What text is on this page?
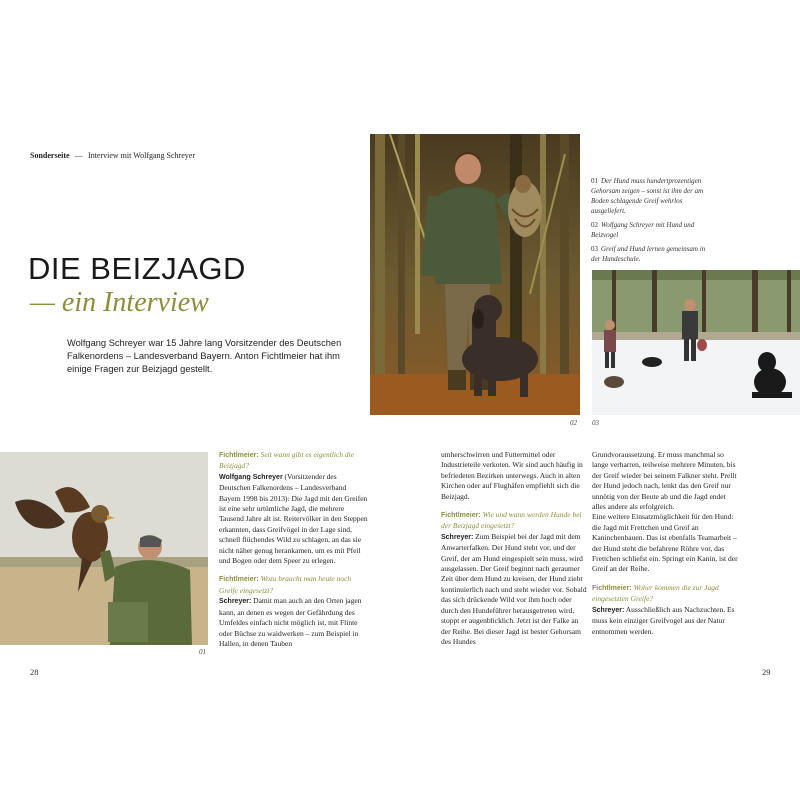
Sonderseite — Interview mit Wolfgang Schreyer
DIE BEIZJAGD
— ein Interview
Wolfgang Schreyer war 15 Jahre lang Vorsitzender des Deutschen Falkenordens – Landesverband Bayern. Anton Fichtlmeier hat ihm einige Fragen zur Beizjagd gestellt.
02
01 Der Hund muss hundertprozentigen Gehorsam zeigen – sonst ist ihm der am Boden schlagende Greif wehrlos ausgeliefert.
02 Wolfgang Schreyer mit Hund und Beizvogel
03 Greif und Hund lernen gemeinsam in der Hundeschule.
03
01
Fichtlmeier: Seit wann gibt es eigentlich die Beizjagd?
Wolfgang Schreyer (Vorsitzender des Deutschen Falkenordens – Landesverband Bayern 1998 bis 2013): Die Jagd mit den Greifen ist eine sehr urtümliche Jagd, die mehrere Tausend Jahre alt ist. Reitervölker in den Steppen erkannten, dass Greifvögel in der Lage sind, schnell flüchendes Wild zu schlagen, an das sie nicht näher genug herankamen, um es mit Pfeil und Bogen oder dem Speer zu erlegen.
Fichtlmeier: Wozu braucht man heute noch Greife eingesetzt?
Schreyer: Damit man auch an den Orten jagen kann, an denen es wegen der Gefährdung des Umfeldes einfach nicht möglich ist, mit Flinte oder Büchse zu waidwerken – zum Beispiel in Hallen, in denen Tauben
umherschwirren und Futtermittel oder Industrieteile verkoten. Wir sind auch häufig in befriedeten Bezirken unterwegs. Auch in alten Kirchen oder auf Flughäfen empfiehlt sich die Beizjagd.
Fichtlmeier: Wie und wann werden Hunde bei der Beizjagd eingesetzt?
Schreyer: Zum Beispiel bei der Jagd mit dem Anwarterfalken. Der Hund steht vor, und der Greif, der am Hund eingespielt sein muss, wird ausgelassen. Der Greif beginnt nach geraumer Zeit über dem Hund zu kreisen, der Hund zieht kontinuierlich nach und steht wieder vor. Sobald das sich drückende Wild vor ihm hoch oder durch den Hundeführer herausgetreten wird, stoppt er augenblicklich. Jetzt ist der Falke an der Reihe. Bei dieser Jagd ist bester Gehorsam des Hundes
Grundvoraussetzung. Er muss manchmal so lange verharren, teilweise mehrere Minuten, bis der Greif wieder bei seinem Falkner steht. Prellt der Hund jedoch nach, lenkt das den Greif nur unnötig von der Beute ab und die Jagd endet alles andere als erfolgreich.
Eine weitere Einsatzmöglichkeit für den Hund: die Jagd mit Frettchen und Greif an Kaninchenbauen. Das ist ebenfalls Teamarbeit – der Hund steht die befahrene Röhre vor, das Frettchen schliefst ein. Springt ein Kanin, ist der Greif an der Reihe.
Fichtlmeier: Woher kommen die zur Jagd eingesetzten Greife?
Schreyer: Ausschließlich aus Nachzuchten. Es muss kein einziger Greifvogel aus der Natur entnommen werden.
28	29
